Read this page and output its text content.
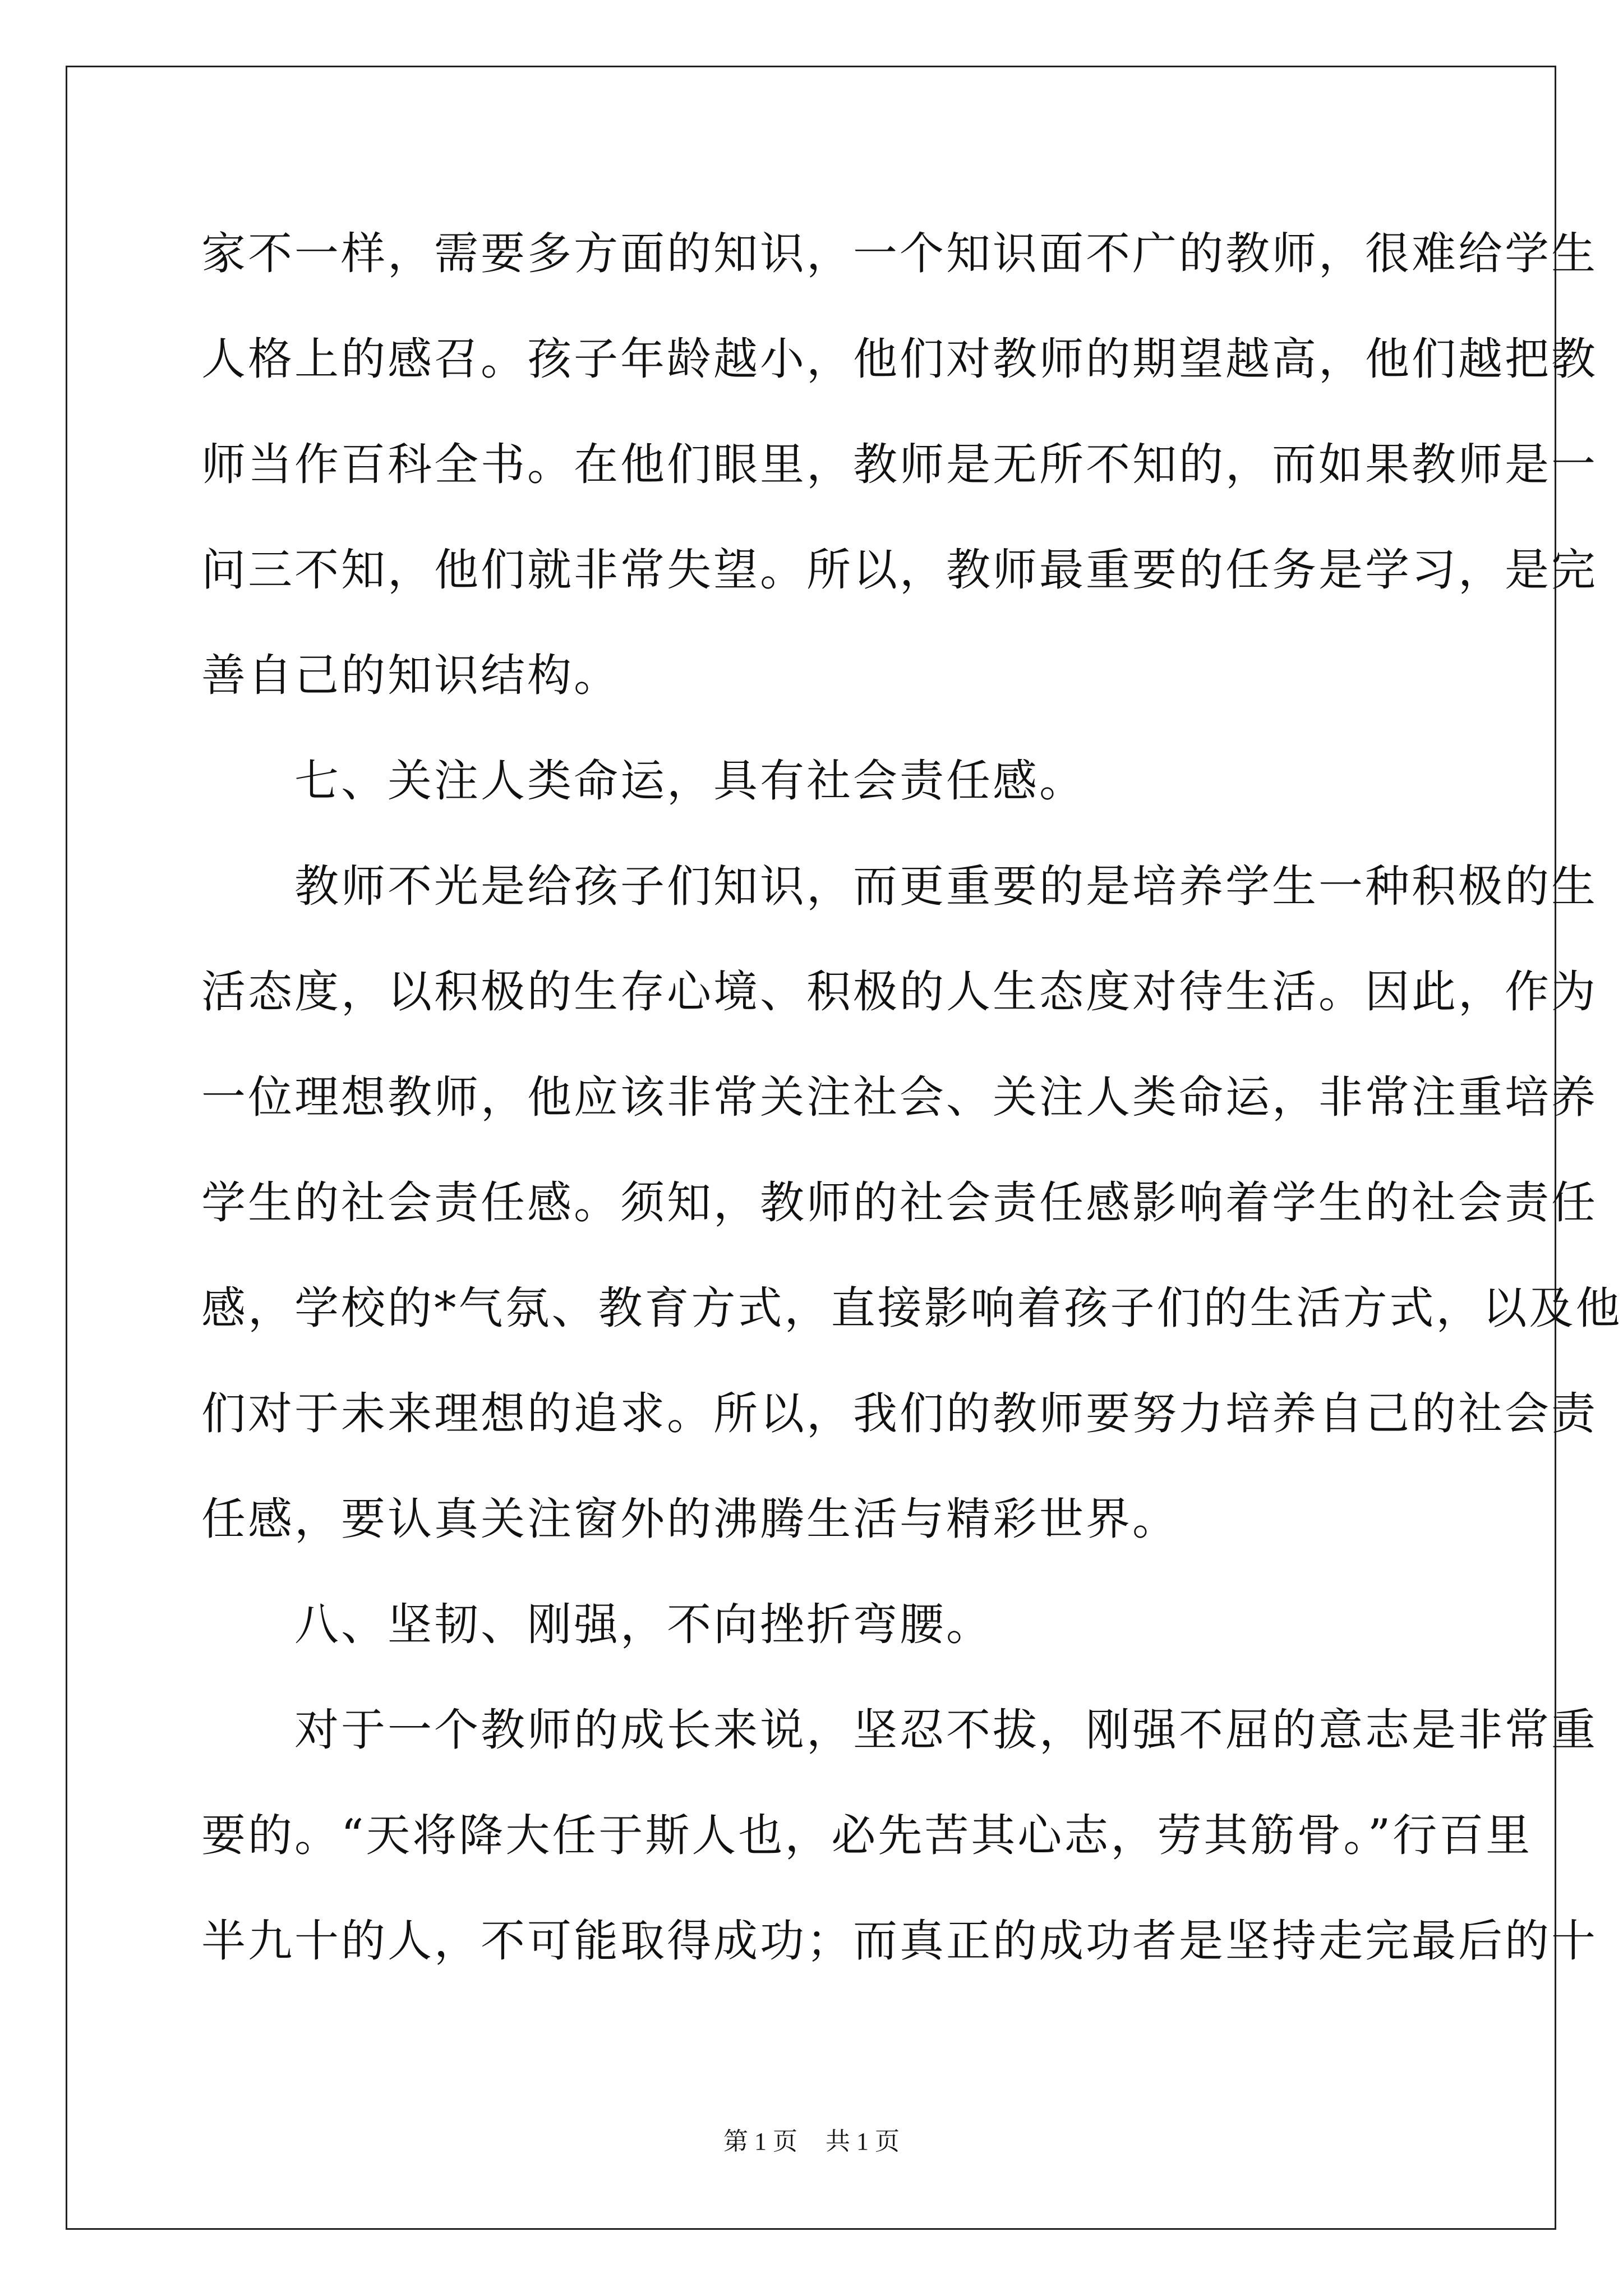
家不一样，需要多方面的知识，一个知识面不广的教师，很难给学生
人格上的感召。孩子年龄越小，他们对教师的期望越高，他们越把教
师当作百科全书。在他们眼里，教师是无所不知的，而如果教师是一
问三不知，他们就非常失望。所以，教师最重要的任务是学习，是完
善自己的知识结构。
　　七、关注人类命运，具有社会责任感。
　　教师不光是给孩子们知识，而更重要的是培养学生一种积极的生
活态度，以积极的生存心境、积极的人生态度对待生活。因此，作为
一位理想教师，他应该非常关注社会、关注人类命运，非常注重培养
学生的社会责任感。须知，教师的社会责任感影响着学生的社会责任
感，学校的*气氛、教育方式，直接影响着孩子们的生活方式，以及他
们对于未来理想的追求。所以，我们的教师要努力培养自己的社会责
任感，要认真关注窗外的沸腾生活与精彩世界。
　　八、坚韧、刚强，不向挫折弯腰。
　　对于一个教师的成长来说，坚忍不拔，刚强不屈的意志是非常重
要的。“天将降大任于斯人也，必先苦其心志，劳其筋骨。”行百里
半九十的人，不可能取得成功；而真正的成功者是坚持走完最后的十
第 1 页 共 1 页
